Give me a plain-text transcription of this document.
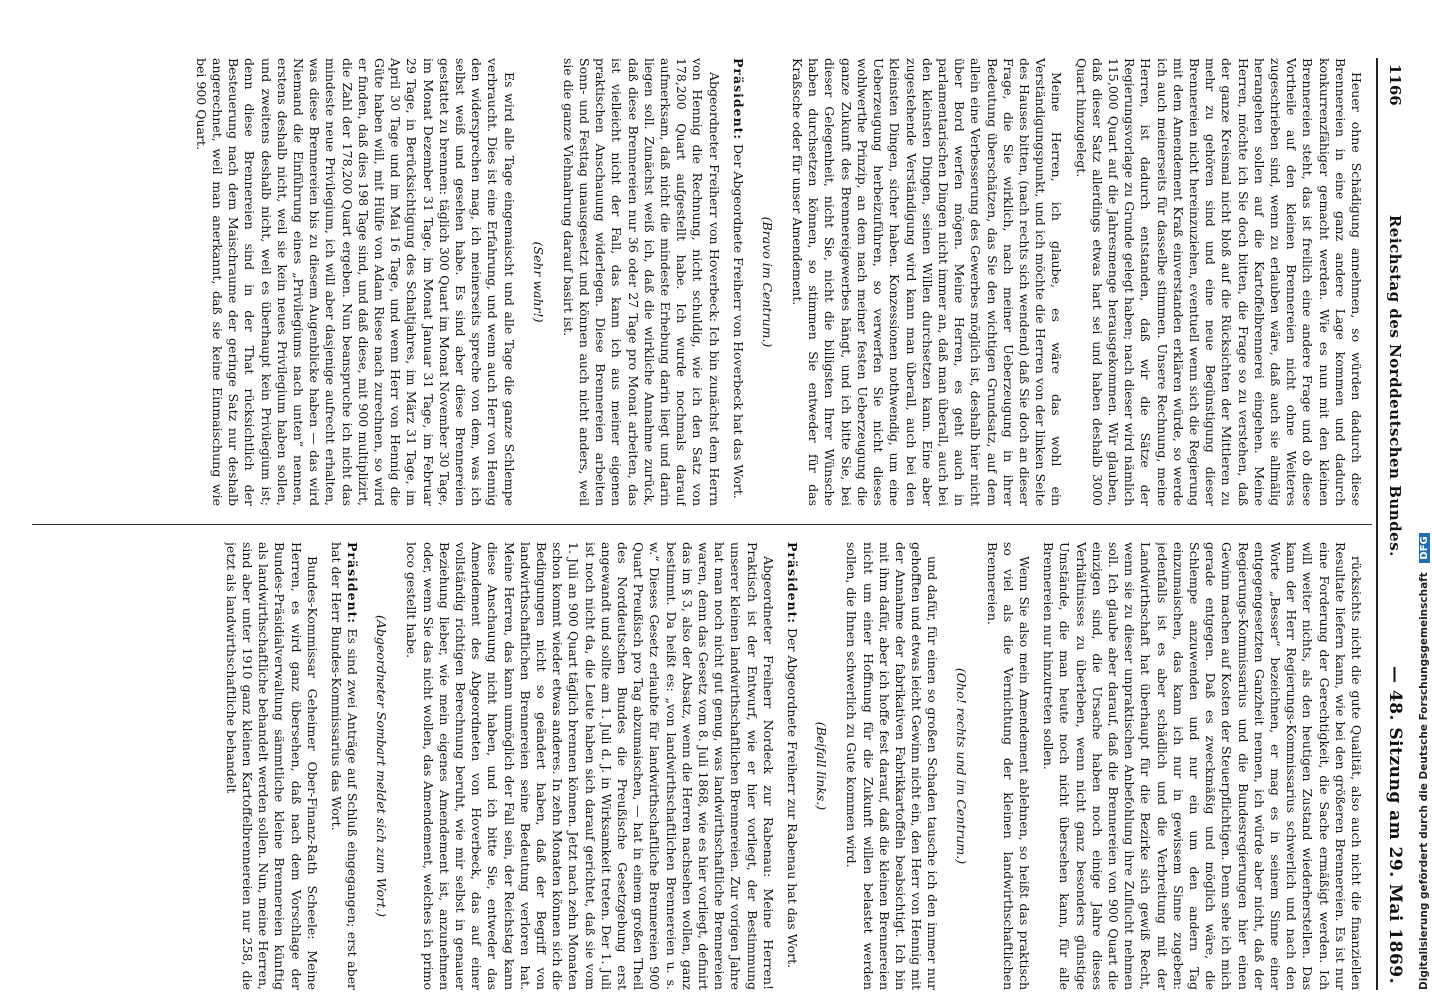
1166
Reichstag des Norddeutschen Bundes.
— 48. Sitzung am 29. Mai 1869.

Heuer ohne Schädigung annehmen, so würden dadurch diese Brennereien in eine ganz andere Lage kommen und dadurch konkurrenzfähiger gemacht werden. Wie es nun mit den kleinen Brennereien steht, das ist freilich eine andere Frage und ob diese Vortheile auf den kleinen Brennereien nicht ohne Weiteres zugeschrieben sind, wenn zu erlauben wäre, daß auch sie allmälig herangehen sollen auf die Kartoffelbrennerei eingehen. Meine Herren, möchte ich Sie doch bitten, die Frage so zu verstehen, daß der ganze Kreismal nicht bloß auf die Rücksichten der Mittleren zu mehr zu gehören sind und eine neue Begünstigung dieser Brennereien nicht hereinzuziehen, eventuell wenn sich die Regierung mit dem Amendement Kraß einverstanden erklären würde, so werde ich auch meinerseits für dasselbe stimmen. Unsere Rechnung, meine Herren, ist dadurch entstanden, daß wir die Sätze der Regierungsvorlage zu Grunde gelegt haben; nach dieser wird nämlich 115,000 Quart auf die Jahresmenge herausgekommen. Wir glauben, daß dieser Satz allerdings etwas hart sei und haben deshalb 3000 Quart hinzugelegt.

Meine Herren, ich glaube, es wäre das wohl ein Verständigungspunkt, und ich möchte die Herren von der linken Seite des Hauses bitten, (nach rechts sich wendend) daß Sie doch an dieser Frage, die Sie wirklich, nach meiner Ueberzeugung in ihrer Bedeutung überschätzen, das Sie den wichtigen Grundsatz, auf dem allein eine Verbesserung des Gewerbes möglich ist, deshalb hier nicht über Bord werfen mögen. Meine Herren, es geht auch in parlamentarischen Dingen nicht immer an, daß man überall, auch bei den kleinsten Dingen, seinen Willen durchsetzen kann. Eine aber zugestehende Verständigung wird kann man überall, auch bei den kleinsten Dingen, sicher haben. Konzessionen nothwendig, um eine Ueberzeugung herbeizuführen, so verwerfen Sie nicht dieses wohlwerthe Prinzip, an dem nach meiner festen Ueberzeugung die ganze Zukunft des Brennereigewerbes hängt, und ich bitte Sie, bei dieser Gelegenheit, nicht Sie, nicht die billigsten Ihrer Wünsche haben durchsetzen können, so stimmen Sie entweder für das Kraßsche oder für unser Amendement.

(Bravo im Centrum.)

Präsident: Der Abgeordnete Freiherr von Hoverbeck hat das Wort.

Abgeordneter Freiherr von Hoverbeck: Ich bin zunächst dem Herrn von Hennig die Rechnung, nicht schuldig, wie ich den Satz von 178,200 Quart aufgestellt habe. Ich wurde nochmals darauf aufmerksam, daß nicht die mindeste Erhebung darin liegt und darin liegen soll. Zunächst weiß ich, daß die wirkliche Annahme zurück, daß diese Brennereien nur 36 oder 27 Tage pro Monat arbeiten, das ist vielleicht nicht der Fall, das kann ich aus meiner eigenen praktischen Anschauung widerlegen. Diese Brennereien arbeiten Sonn- und Festtag unausgesetzt und können auch nicht anders, weil sie die ganze Viehnahrung darauf basirt ist.

(Sehr wahr!)

Es wird alle Tage eingemaischt und alle Tage die ganze Schlempe verbraucht. Dies ist eine Erfahrung, und wenn auch Herr von Hennig den widersprechen mag, ich meinerseits spreche von dem, was ich selbst weiß und gesehen habe. Es sind aber diese Brennereien gestattet zu brennen: täglich 300 Quart im Monat November 30 Tage, im Monat Dezember 31 Tage, im Monat Januar 31 Tage, im Februar 29 Tage, in Berücksichtigung des Schaltjahres, im März 31 Tage, im April 30 Tage und im Mai 16 Tage, und wenn Herr von Hennig die Güte haben will, mit Hülfe von Adam Riese nach zurechnen, so wird er finden, daß dies 198 Tage sind, und daß diese, mit 900 multiplizirt, die Zahl der 178,200 Quart ergeben. Nun beanspruche ich nicht das mindeste neue Privilegium, ich will aber dasjenige aufrecht erhalten, was diese Brennereien bis zu diesem Augenblicke haben — das wird Niemand die Einführung eines „Privilegiums nach unten“ nennen, erstens deshalb nicht, weil sie kein neues Privilegium haben sollen, und zweitens deshalb nicht, weil es überhaupt kein Privilegium ist; denn diese Brennereien sind in der That rücksichtlich der Besteuerung nach dem Maischraume der geringe Satz nur deshalb angerechnet, weil man anerkannt, daß sie keine Einmaischung wie bei 900 Quart.

rücksichts nicht die gute Qualität, also auch nicht die finanziellen Resultate liefern kann, wie bei den größeren Brennereien. Es ist nur eine Forderung der Gerechtigkeit, die Sache ermäßigt werden. Ich will weiter nichts, als den heutigen Zustand wiederherstellen. Das kann der Herr Regierungs-Kommissarius schwerlich und nach den Worte „Besser“ bezeichnen, er mag es in seinem Sinne einer entgegengesetzten Ganzheit nennen, ich würde aber nicht, daß der Regierungs-Kommissarius und die Bundesregierungen hier einen Gewinn machen auf Kosten der Steuerpflichtigen. Denn sehe ich mich gerade entgegen. Daß es zweckmäßig und möglich wäre, die Schlempe anzuwenden und nur ein um den andern Tag einzumaischen, das kann ich nur in gewissem Sinne zugeben: jedenfalls ist es aber schädlich und die Verbreitung mit der Landwirthschaft hat überhaupt für die Bezirke sich gewiß Recht, wenn sie zu dieser unpraktischen Anbefohlung ihre Zuflucht nehmen soll. Ich glaube aber darauf, daß die Brennereien von 900 Quart die einzigen sind, die Ursache haben noch einige Jahre dieses Verhältnisses zu überleben, wenn nicht ganz besonders günstige Umstände, die man heute noch nicht übersehen kann, für alle Brennereien nur hinzutreten sollen.

Wenn Sie also mein Amendement ablehnen, so heißt das praktisch so viel als die Vernichtung der kleinen landwirthschaftlichen Brennereien.

(Oho! rechts und im Centrum.)

und dafür, für einen so großen Schaden tausche ich den immer nur gehofften und etwas leicht Gewinn nicht ein, den Herr von Hennig mit der Annahme der fabrikativen Fabrikkartoffeln beabsichtigt. Ich bin mit ihm dafür, aber ich hoffe fest darauf, daß die kleinen Brennereien nicht um einer Hoffnung für die Zukunft willen belastet werden sollen, die Ihnen schwerlich zu Gute kommen wird.

(Beifall links.)

Präsident: Der Abgeordnete Freiherr zur Rabenau hat das Wort.

Abgeordneter Freiherr Nordeck zur Rabenau: Meine Herren! Praktisch ist der Entwurf, wie er hier vorliegt, der Bestimmung unserer kleinen landwirthschaftlichen Brennereien. Zur vorigen Jahre hat man noch nicht gut genug, was landwirthschaftliche Brennereien waren, denn das Gesetz vom 8. Juli 1868, wie es hier vorliegt, definirt das im § 3, also der Absatz, wenn die Herren nachsehen wollen, ganz bestimmt. Da heißt es: „von landwirthschaftlichen Brennereien u. s. w.“ Dieses Gesetz erlaubte für landwirthschaftliche Brennereien 900 Quart Preußisch pro Tag abzumaischen, — hat in einem großen Theil des Norddeutschen Bundes die Preußische Gesetzgebung erst angewandt und sollte am 1. Juli d. J. in Wirksamkeit treten. Der 1. Juli ist noch nicht da, die Leute haben sich darauf gerichtet, daß sie vom 1. Juli an 900 Quart täglich brennen können. Jetzt nach zehn Monaten schon kommt wieder etwas anderes. In zehn Monaten können sich die Bedingungen nicht so geändert haben, daß der Begriff von landwirthschaftlichen Brennereien seine Bedeutung verloren hat. Meine Herren, das kann unmöglich der Fall sein, der Reichstag kann diese Anschauung nicht haben, und ich bitte Sie, entweder das Amendement des Abgeordneten von Hoverbeck, das auf einer vollständig richtigen Berechnung beruht, wie mir selbst in genauer Beziehung lieber, wie mein eigenes Amendement ist, anzunehmen oder, wenn Sie das nicht wollen, das Amendement, welches ich primo loco gestellt habe.

(Abgeordneter Sombart meldet sich zum Wort.)

Präsident: Es sind zwei Anträge auf Schluß eingegangen; erst aber hat der Herr Bundes-Kommissarius das Wort.

Bundes-Kommissar Geheimer Ober-Finanz-Rath Scheele: Meine Herren, es wird ganz übersehen, daß nach dem Vorschlage der Bundes-Präsidialverwaltung sämmtliche kleine Brennereien künftig als landwirthschaftliche behandelt werden sollen. Nun, meine Herren, sind aber unter 1910 ganz kleinen Kartoffelbrennereien nur 258, die jetzt als landwirthschaftliche behandelt	Digitalisierung gefördert durch die Deutsche Forschungsgemeinschaft DFG
